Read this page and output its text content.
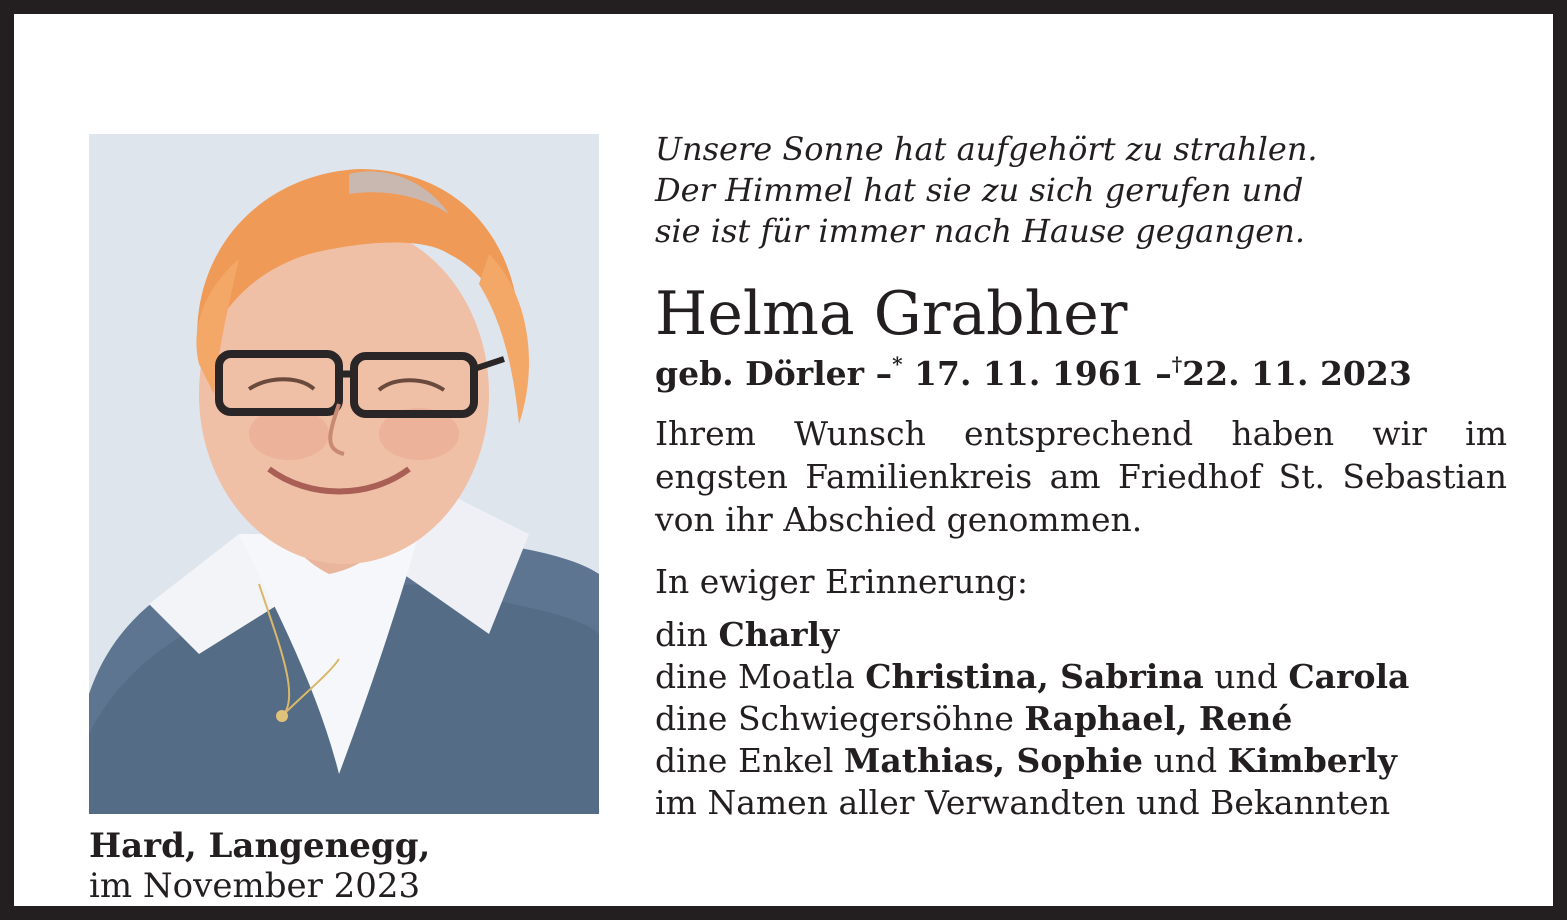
Hard, Langenegg,
im November 2023
Unsere Sonne hat aufgehört zu strahlen.
Der Himmel hat sie zu sich gerufen und
sie ist für immer nach Hause gegangen.
Helma Grabher
geb. Dörler –* 17. 11. 1961 –†22. 11. 2023
Ihrem Wunsch entsprechend haben wir im
engsten Familienkreis am Friedhof St. Sebastian
von ihr Abschied genommen.
In ewiger Erinnerung:
din Charly
dine Moatla Christina, Sabrina und Carola
dine Schwiegersöhne Raphael, René
dine Enkel Mathias, Sophie und Kimberly
im Namen aller Verwandten und Bekannten
